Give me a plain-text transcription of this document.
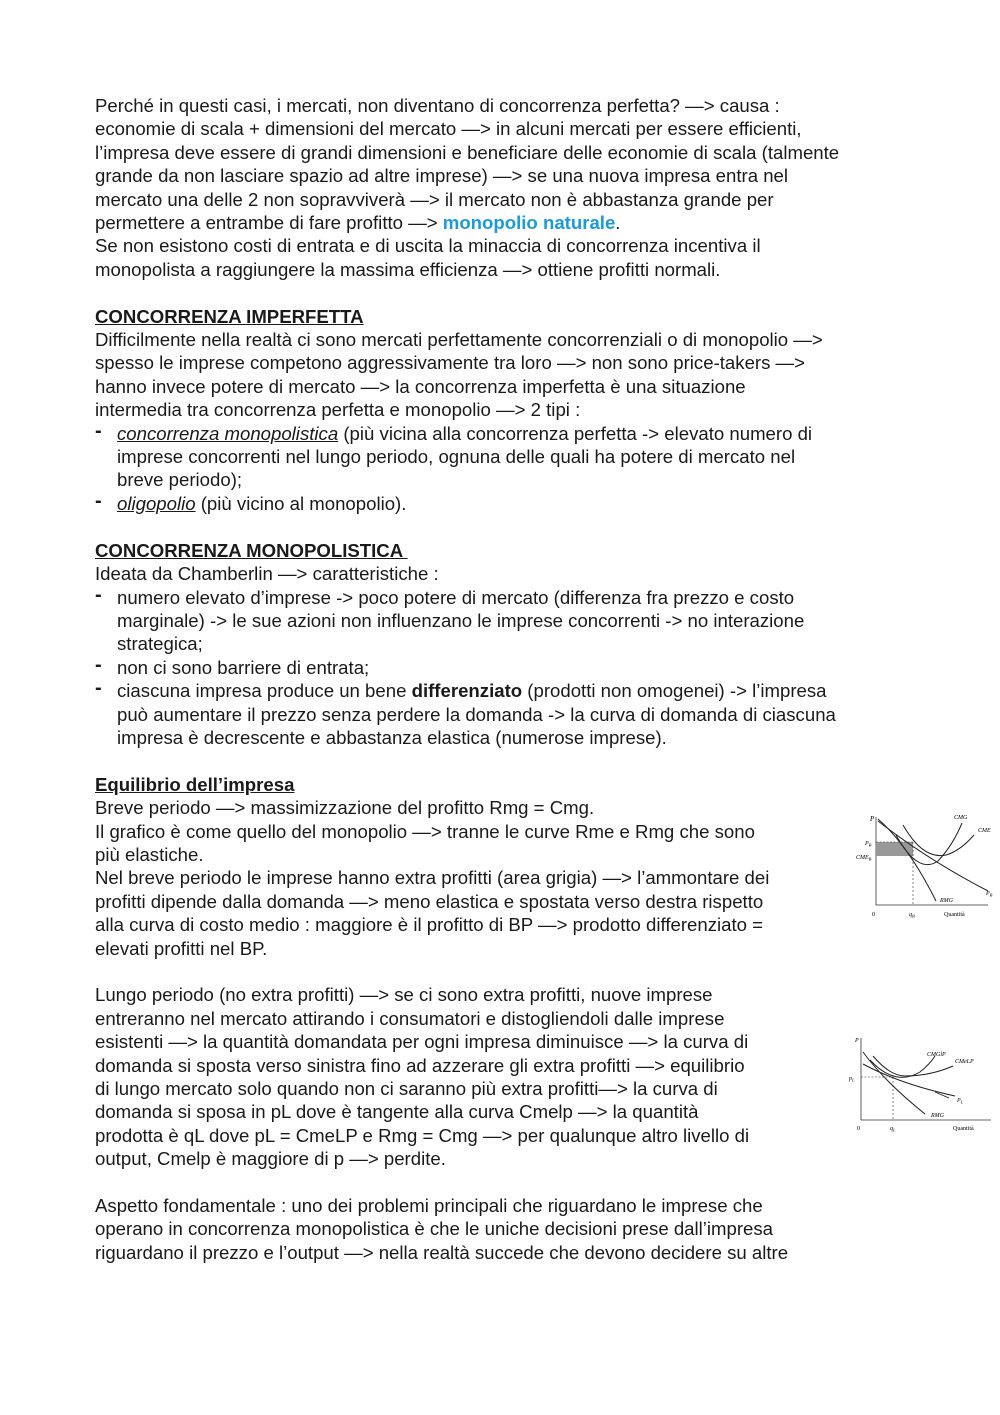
Perché in questi casi, i mercati, non diventano di concorrenza perfetta? —> causa :

economie di scala + dimensioni del mercato —> in alcuni mercati per essere efficienti,

l’impresa deve essere di grandi dimensioni e beneficiare delle economie di scala (talmente

grande da non lasciare spazio ad altre imprese) —> se una nuova impresa entra nel

mercato una delle 2 non sopravviverà —> il mercato non è abbastanza grande per

permettere a entrambe di fare profitto —> monopolio naturale.

Se non esistono costi di entrata e di uscita la minaccia di concorrenza incentiva il

monopolista a raggiungere la massima efficienza —> ottiene profitti normali.

CONCORRENZA IMPERFETTA

Difficilmente nella realtà ci sono mercati perfettamente concorrenziali o di monopolio —>

spesso le imprese competono aggressivamente tra loro —> non sono price-takers —>

hanno invece potere di mercato —> la concorrenza imperfetta è una situazione

intermedia tra concorrenza perfetta e monopolio —> 2 tipi :

- concorrenza monopolistica (più vicina alla concorrenza perfetta -> elevato numero di
imprese concorrenti nel lungo periodo, ognuna delle quali ha potere di mercato nel
breve periodo);
- oligopolio (più vicino al monopolio).

CONCORRENZA MONOPOLISTICA

Ideata da Chamberlin —> caratteristiche :

- numero elevato d’imprese -> poco potere di mercato (differenza fra prezzo e costo
marginale) -> le sue azioni non influenzano le imprese concorrenti -> no interazione
strategica;
- non ci sono barriere di entrata;
- ciascuna impresa produce un bene differenziato (prodotti non omogenei) -> l’impresa
può aumentare il prezzo senza perdere la domanda -> la curva di domanda di ciascuna
impresa è decrescente e abbastanza elastica (numerose imprese).

Equilibrio dell’impresa

Breve periodo —> massimizzazione del profitto Rmg = Cmg.

Il grafico è come quello del monopolio —> tranne le curve Rme e Rmg che sono

più elastiche.

Nel breve periodo le imprese hanno extra profitti (area grigia) —> l’ammontare dei

profitti dipende dalla domanda —> meno elastica e spostata verso destra rispetto

alla curva di costo medio : maggiore è il profitto di BP —> prodotto differenziato =

elevati profitti nel BP.

Lungo periodo (no extra profitti) —> se ci sono extra profitti, nuove imprese

entreranno nel mercato attirando i consumatori e distogliendoli dalle imprese

esistenti —> la quantità domandata per ogni impresa diminuisce —> la curva di

domanda si sposta verso sinistra fino ad azzerare gli extra profitti —> equilibrio

di lungo mercato solo quando non ci saranno più extra profitti—> la curva di

domanda si sposa in pL dove è tangente alla curva Cmelp —> la quantità

prodotta è qL dove pL = CmeLP e Rmg = Cmg —> per qualunque altro livello di

output, Cmelp è maggiore di p —> perdite.

Aspetto fondamentale : uno dei problemi principali che riguardano le imprese che

operano in concorrenza monopolistica è che le uniche decisioni prese dall’impresa

riguardano il prezzo e l’output —> nella realtà succede che devono decidere su altre

P
$P_B$
$CME_B$
CMG
CME
$P_B$
RMG
0	$q_B$	Quantità
P
$p_L$
CMGlP
CMeLP
$P_L$
RMG
0	$q_L$	Quantità
